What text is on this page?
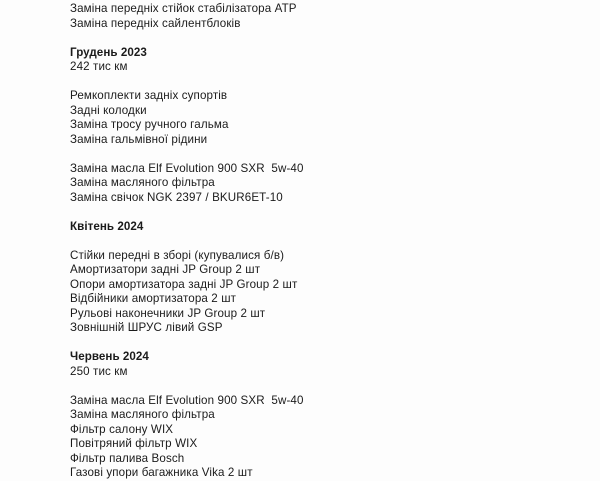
Заміна передніх стійок стабілізатора ATP
Заміна передніх сайлентблоків
Грудень 2023
242 тис км
Ремкоплекти задніх супортів
Задні колодки
Заміна тросу ручного гальма
Заміна гальмівної рідини
Заміна масла Elf Evolution 900 SXR  5w-40
Заміна масляного фільтра
Заміна свічок NGK 2397 / BKUR6ET-10
Квітень 2024
Стійки передні в зборі (купувалися б/в)
Амортизатори задні JP Group 2 шт
Опори амортизатора задні JP Group 2 шт
Відбійники амортизатора 2 шт
Рульові наконечники JP Group 2 шт
Зовнішній ШРУС лівий GSP
Червень 2024
250 тис км
Заміна масла Elf Evolution 900 SXR  5w-40
Заміна масляного фільтра
Фільтр салону WIX
Повітряний фільтр WIX
Фільтр палива Bosch
Газові упори багажника Vika 2 шт
